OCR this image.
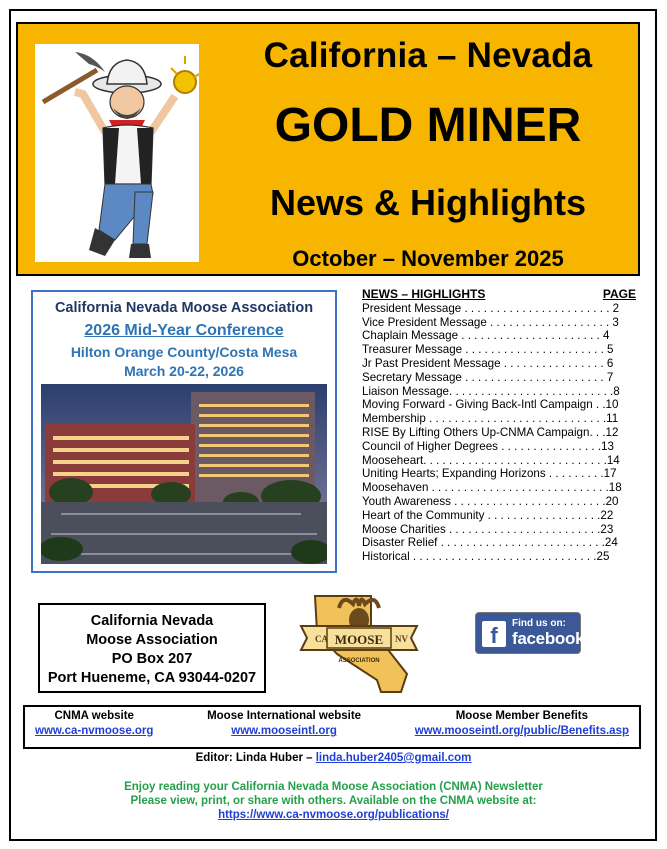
California – Nevada
GOLD MINER
News & Highlights
October – November 2025
California Nevada Moose Association
2026 Mid-Year Conference
Hilton Orange County/Costa Mesa
March 20-22, 2026
NEWS – HIGHLIGHTS	PAGE
President Message . . . . . . . . . . . . . . . . . . . . . . . 2
Vice President Message . . . . . . . . . . . . . . . . . . . 3
Chaplain Message . . . . . . . . . . . . . . . . . . . . . . 4
Treasurer Message . . . . . . . . . . . . . . . . . . . . . . 5
Jr Past President Message . . . . . . . . . . . . . . . . 6
Secretary Message . . . . . . . . . . . . . . . . . . . . . . 7
Liaison Message. . . . . . . . . . . . . . . . . . . . . . . . . .8
Moving Forward - Giving Back-Intl Campaign . .10
Membership . . . . . . . . . . . . . . . . . . . . . . . . . . . .11
RISE By Lifting Others Up-CNMA Campaign. . .12
Council of Higher Degrees . . . . . . . . . . . . . . . .13
Mooseheart. . . . . . . . . . . . . . . . . . . . . . . . . . . . .14
Uniting Hearts; Expanding Horizons . . . . . . . . .17
Moosehaven . . . . . . . . . . . . . . . . . . . . . . . . . . . .18
Youth Awareness . . . . . . . . . . . . . . . . . . . . . . . .20
Heart of the Community . . . . . . . . . . . . . . . . . .22
Moose Charities . . . . . . . . . . . . . . . . . . . . . . . .23
Disaster Relief . . . . . . . . . . . . . . . . . . . . . . . . . .24
Historical . . . . . . . . . . . . . . . . . . . . . . . . . . . . .25
California Nevada
Moose Association
PO Box 207
Port Hueneme, CA 93044-0207
CA MOOSE NV
ASSOCIATION
f	Find us on:
facebook.
CNMA website
www.ca-nvmoose.org
Moose International website
www.mooseintl.org
Moose Member Benefits
www.mooseintl.org/public/Benefits.asp
Editor: Linda Huber – linda.huber2405@gmail.com
Enjoy reading your California Nevada Moose Association (CNMA) Newsletter
Please view, print, or share with others. Available on the CNMA website at:
https://www.ca-nvmoose.org/publications/
